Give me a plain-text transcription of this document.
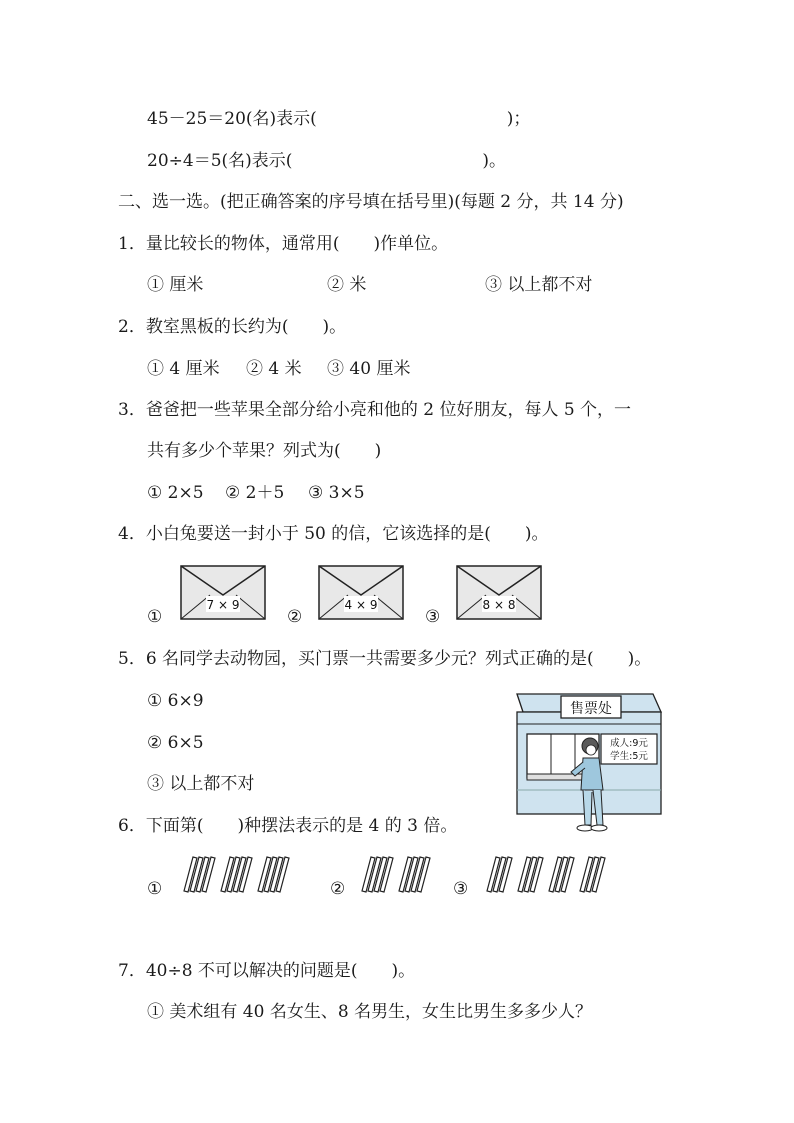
45－25＝20(名)表示(	)；
20÷4＝5(名)表示(	)。
二、选一选。(把正确答案的序号填在括号里)(每题 2 分，共 14 分)
1．量比较长的物体，通常用(　　)作单位。
① 厘米	② 米	③ 以上都不对
2．教室黑板的长约为(　　)。
① 4 厘米 ② 4 米 ③ 40 厘米
3．爸爸把一些苹果全部分给小亮和他的 2 位好朋友，每人 5 个，一
共有多少个苹果？列式为(　　)
① 2×5 ② 2＋5 ③ 3×5
4．小白兔要送一封小于 50 的信，它该选择的是(　　)。
①
7 × 9
②
4 × 9
③
8 × 8
5．6 名同学去动物园，买门票一共需要多少元？列式正确的是(　　)。
① 6×9
② 6×5
③ 以上都不对
售票处
成人:9元
学生:5元
6．下面第(　　)种摆法表示的是 4 的 3 倍。
①	②	③
7．40÷8 不可以解决的问题是(　　)。
① 美术组有 40 名女生、8 名男生，女生比男生多多少人？
